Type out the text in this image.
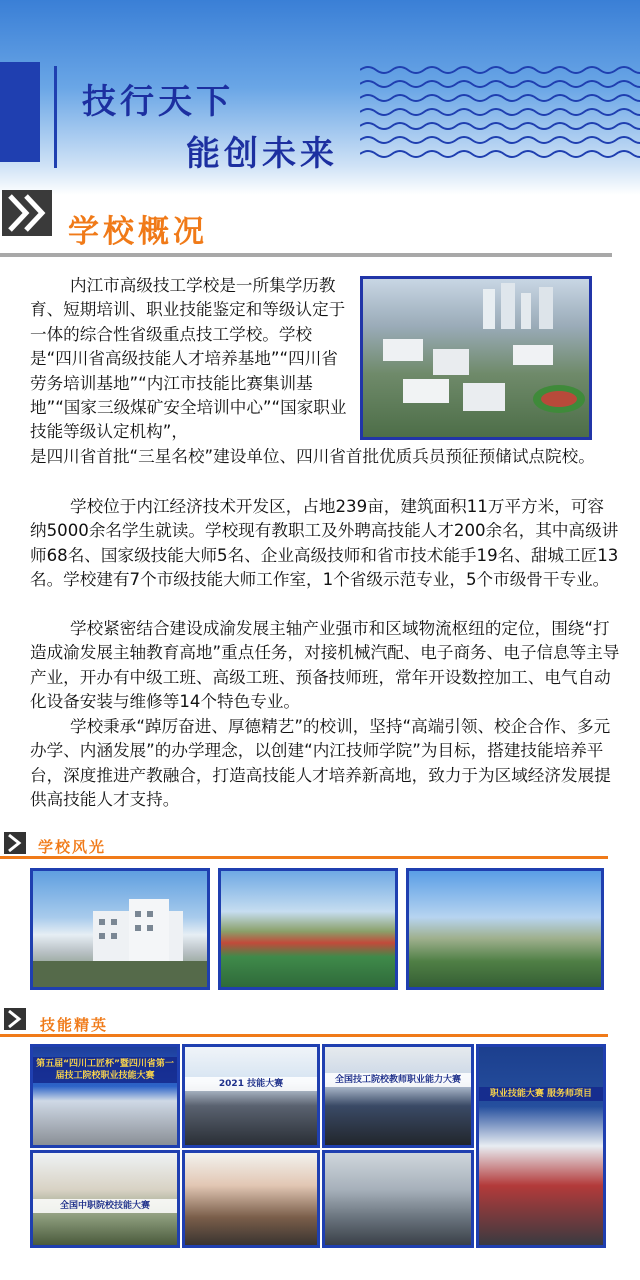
技行天下
能创未来
学校概况
内江市高级技工学校是一所集学历教育、短期培训、职业技能鉴定和等级认定于一体的综合性省级重点技工学校。学校是“四川省高级技能人才培养基地”“四川省劳务培训基地”“内江市技能比赛集训基地”“国家三级煤矿安全培训中心”“国家职业技能等级认定机构”，
是四川省首批“三星名校”建设单位、四川省首批优质兵员预征预储试点院校。
学校位于内江经济技术开发区，占地239亩，建筑面积11万平方米，可容纳5000余名学生就读。学校现有教职工及外聘高技能人才200余名，其中高级讲师68名、国家级技能大师5名、企业高级技师和省市技术能手19名、甜城工匠13名。学校建有7个市级技能大师工作室，1个省级示范专业，5个市级骨干专业。
学校紧密结合建设成渝发展主轴产业强市和区域物流枢纽的定位，围绕“打造成渝发展主轴教育高地”重点任务，对接机械汽配、电子商务、电子信息等主导产业，开办有中级工班、高级工班、预备技师班，常年开设数控加工、电气自动化设备安装与维修等14个特色专业。
学校秉承“踔厉奋进、厚德精艺”的校训，坚持“高端引领、校企合作、多元办学、内涵发展”的办学理念，以创建“内江技师学院”为目标，搭建技能培养平台，深度推进产教融合，打造高技能人才培养新高地，致力于为区域经济发展提供高技能人才支持。
学校风光
技能精英
第五届“四川工匠杯”暨四川省第一届技工院校职业技能大赛
2021 技能大赛	全国技工院校教师职业能力大赛
职业技能大赛 服务师项目
全国中职院校技能大赛
